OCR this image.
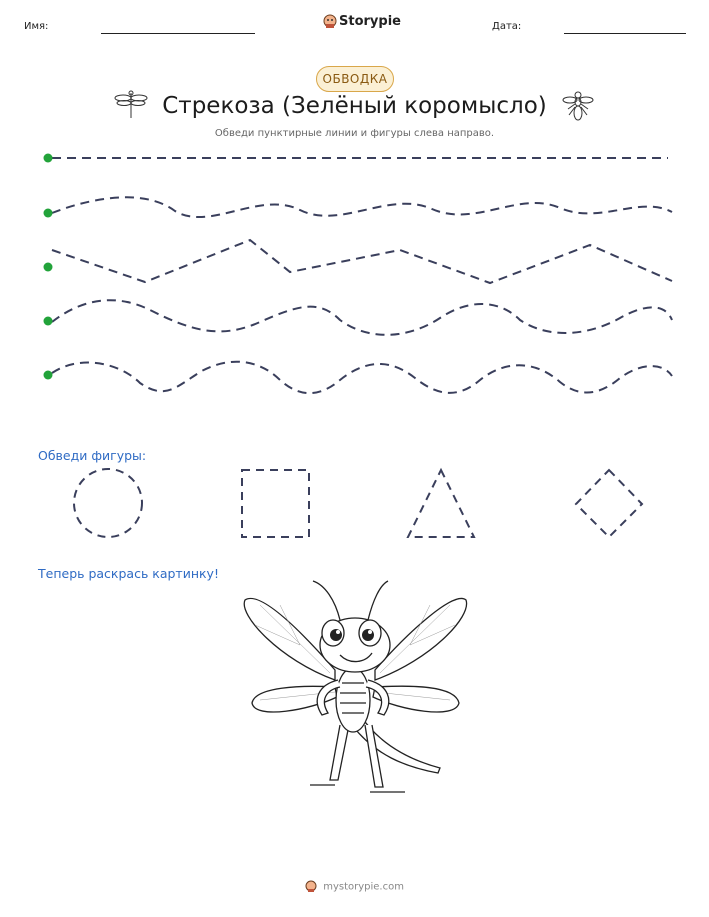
Имя:	Storypie	Дата:
ОБВОДКА
Стрекоза (Зелёный коромысло)
Обведи пунктирные линии и фигуры слева направо.
Обведи фигуры:
Теперь раскрась картинку!
mystorypie.com
